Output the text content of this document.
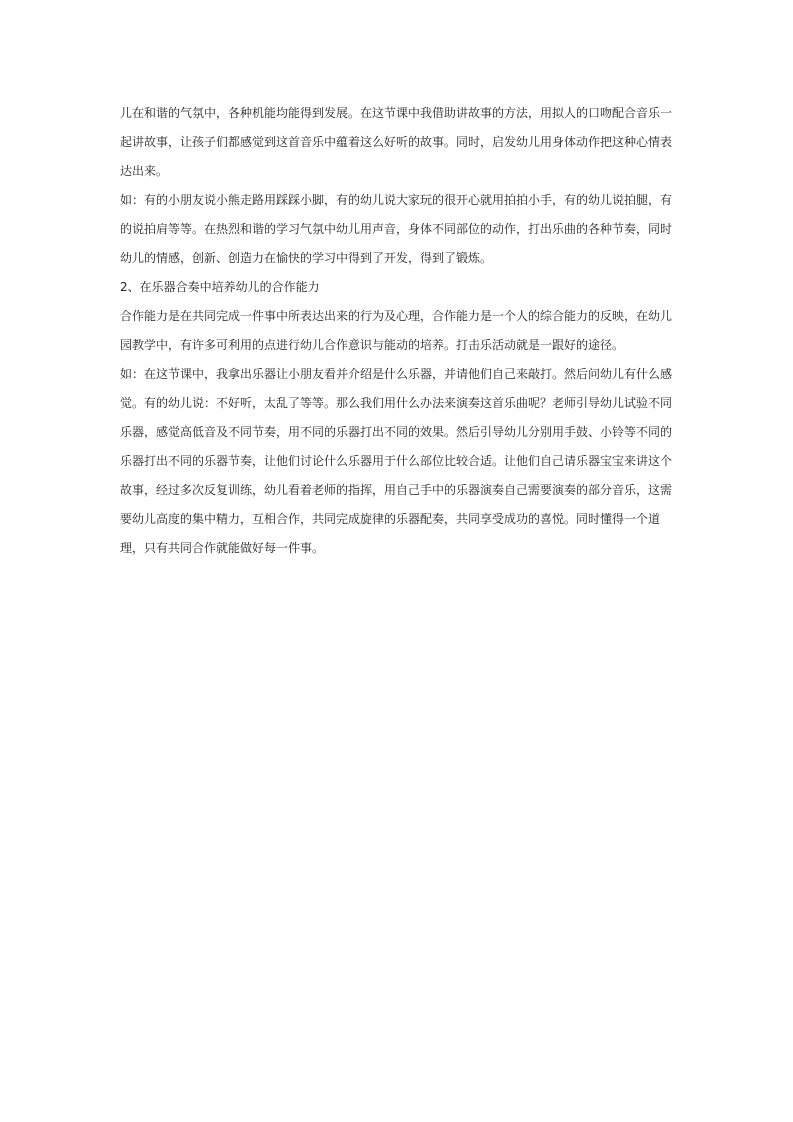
儿在和谐的气氛中，各种机能均能得到发展。在这节课中我借助讲故事的方法，用拟人的口吻配合音乐一起讲故事，让孩子们都感觉到这首音乐中蕴着这么好听的故事。同时，启发幼儿用身体动作把这种心情表达出来。

如：有的小朋友说小熊走路用踩踩小脚，有的幼儿说大家玩的很开心就用拍拍小手，有的幼儿说拍腿，有的说拍肩等等。在热烈和谐的学习气氛中幼儿用声音，身体不同部位的动作，打出乐曲的各种节奏，同时幼儿的情感，创新、创造力在愉快的学习中得到了开发，得到了锻炼。

2、在乐器合奏中培养幼儿的合作能力

合作能力是在共同完成一件事中所表达出来的行为及心理，合作能力是一个人的综合能力的反映，在幼儿园教学中，有许多可利用的点进行幼儿合作意识与能动的培养。打击乐活动就是一跟好的途径。

如：在这节课中，我拿出乐器让小朋友看并介绍是什么乐器，并请他们自己来敲打。然后问幼儿有什么感觉。有的幼儿说：不好听，太乱了等等。那么我们用什么办法来演奏这首乐曲呢？老师引导幼儿试验不同乐器，感觉高低音及不同节奏，用不同的乐器打出不同的效果。然后引导幼儿分别用手鼓、小铃等不同的乐器打出不同的乐器节奏，让他们讨论什么乐器用于什么部位比较合适。让他们自己请乐器宝宝来讲这个故事，经过多次反复训练，幼儿看着老师的指挥，用自己手中的乐器演奏自己需要演奏的部分音乐，这需要幼儿高度的集中精力，互相合作，共同完成旋律的乐器配奏，共同享受成功的喜悦。同时懂得一个道理，只有共同合作就能做好每一件事。
